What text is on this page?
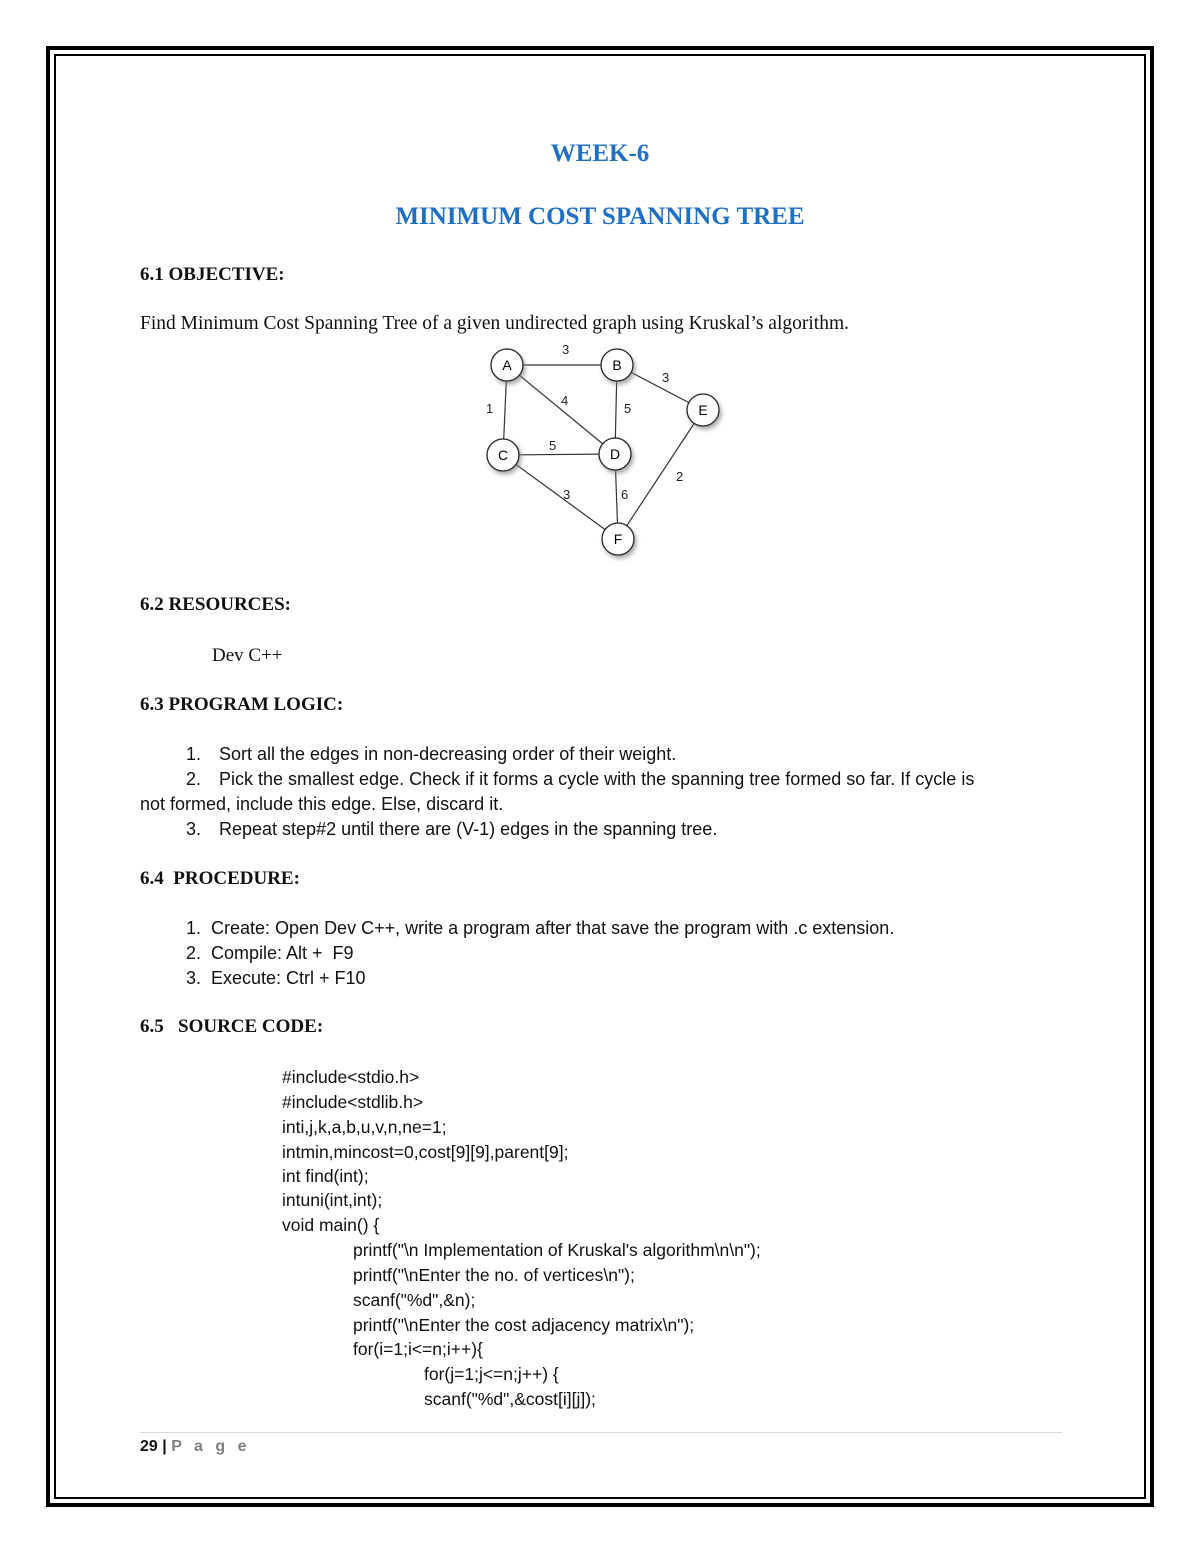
WEEK-6
MINIMUM COST SPANNING TREE
6.1 OBJECTIVE:
Find Minimum Cost Spanning Tree of a given undirected graph using Kruskal’s algorithm.
3
1
4
5
3
5
3	6
2
A	B
C	D
E
F
6.2 RESOURCES:
Dev C++
6.3 PROGRAM LOGIC:
1. Sort all the edges in non-decreasing order of their weight.
2. Pick the smallest edge. Check if it forms a cycle with the spanning tree formed so far. If cycle is
not formed, include this edge. Else, discard it.
3. Repeat step#2 until there are (V-1) edges in the spanning tree.
6.4  PROCEDURE:
1. Create: Open Dev C++, write a program after that save the program with .c extension.
2. Compile: Alt +  F9
3. Execute: Ctrl + F10
6.5   SOURCE CODE:
#include<stdio.h>
#include<stdlib.h>
inti,j,k,a,b,u,v,n,ne=1;
intmin,mincost=0,cost[9][9],parent[9];
int find(int);
intuni(int,int);
void main() {
printf("\n Implementation of Kruskal's algorithm\n\n");
printf("\nEnter the no. of vertices\n");
scanf("%d",&n);
printf("\nEnter the cost adjacency matrix\n");
for(i=1;i<=n;i++){
for(j=1;j<=n;j++) {
scanf("%d",&cost[i][j]);
29 | P a g e
